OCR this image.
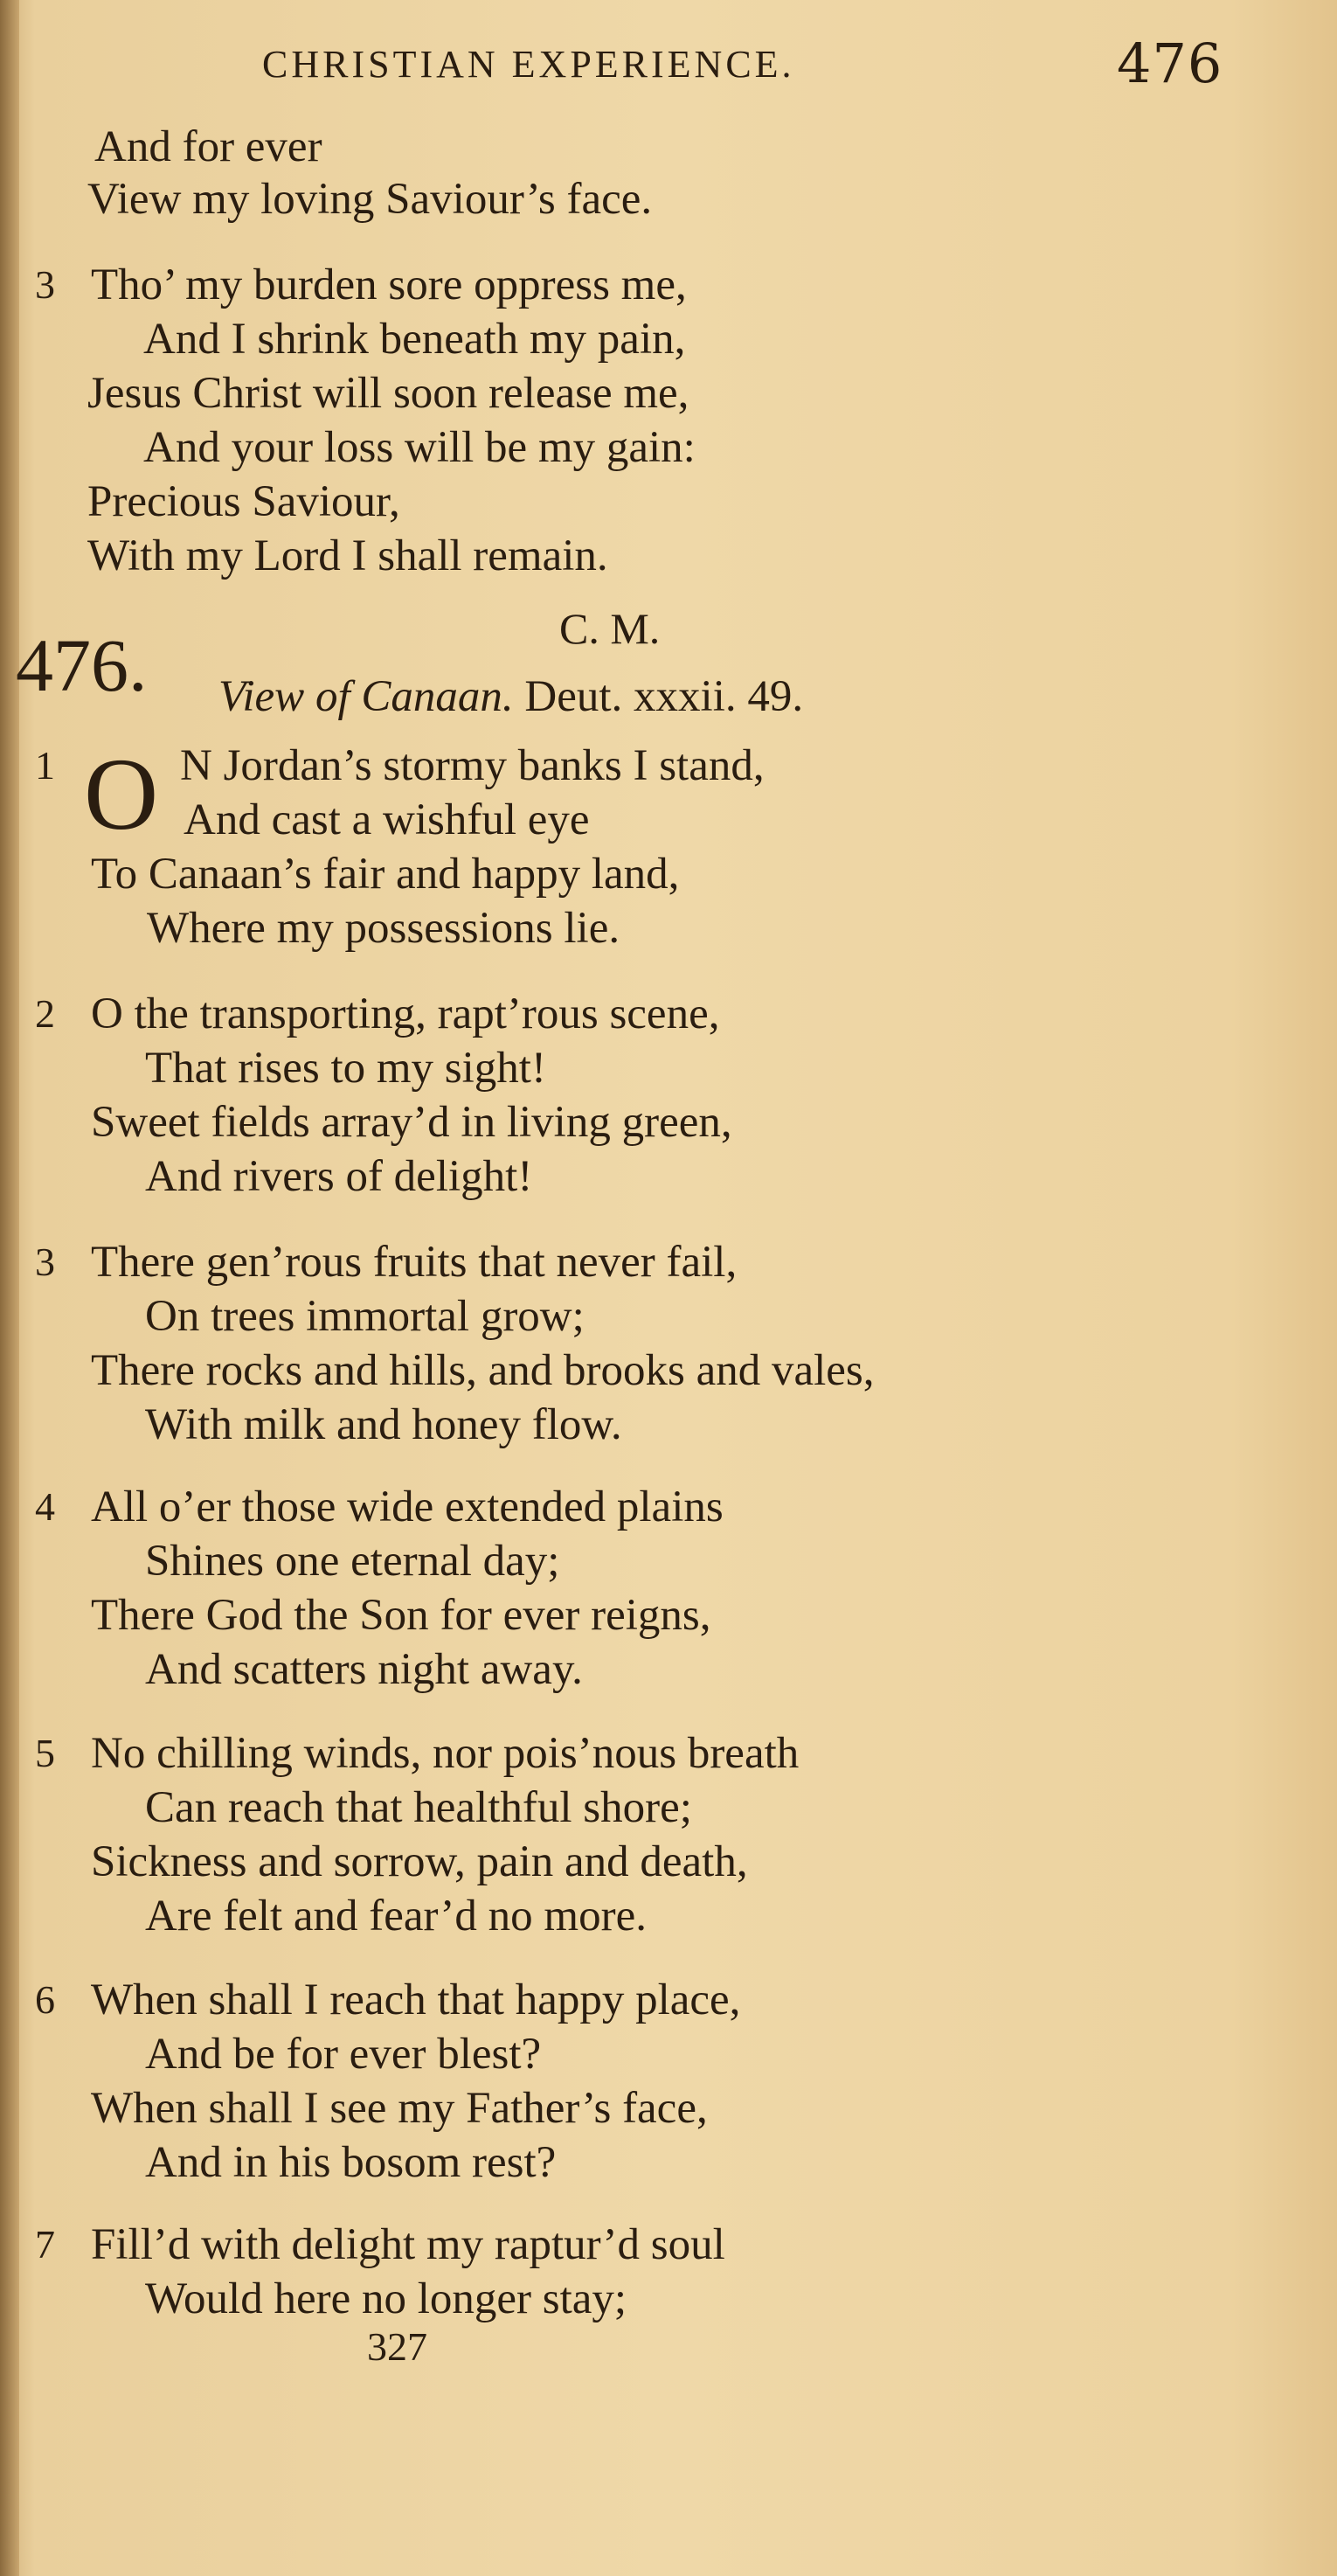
CHRISTIAN EXPERIENCE.	476
And for ever
View my loving Saviour’s face.
3 Tho’ my burden sore oppress me,
And I shrink beneath my pain,
Jesus Christ will soon release me,
And your loss will be my gain:
Precious Saviour,
With my Lord I shall remain.
C. M.
476. View of Canaan. Deut. xxxii. 49.
1 O N Jordan’s stormy banks I stand,
And cast a wishful eye
To Canaan’s fair and happy land,
Where my possessions lie.
2 O the transporting, rapt’rous scene,
That rises to my sight!
Sweet fields array’d in living green,
And rivers of delight!
3 There gen’rous fruits that never fail,
On trees immortal grow;
There rocks and hills, and brooks and vales,
With milk and honey flow.
4 All o’er those wide extended plains
Shines one eternal day;
There God the Son for ever reigns,
And scatters night away.
5 No chilling winds, nor pois’nous breath
Can reach that healthful shore;
Sickness and sorrow, pain and death,
Are felt and fear’d no more.
6 When shall I reach that happy place,
And be for ever blest?
When shall I see my Father’s face,
And in his bosom rest?
7 Fill’d with delight my raptur’d soul
Would here no longer stay;
327
